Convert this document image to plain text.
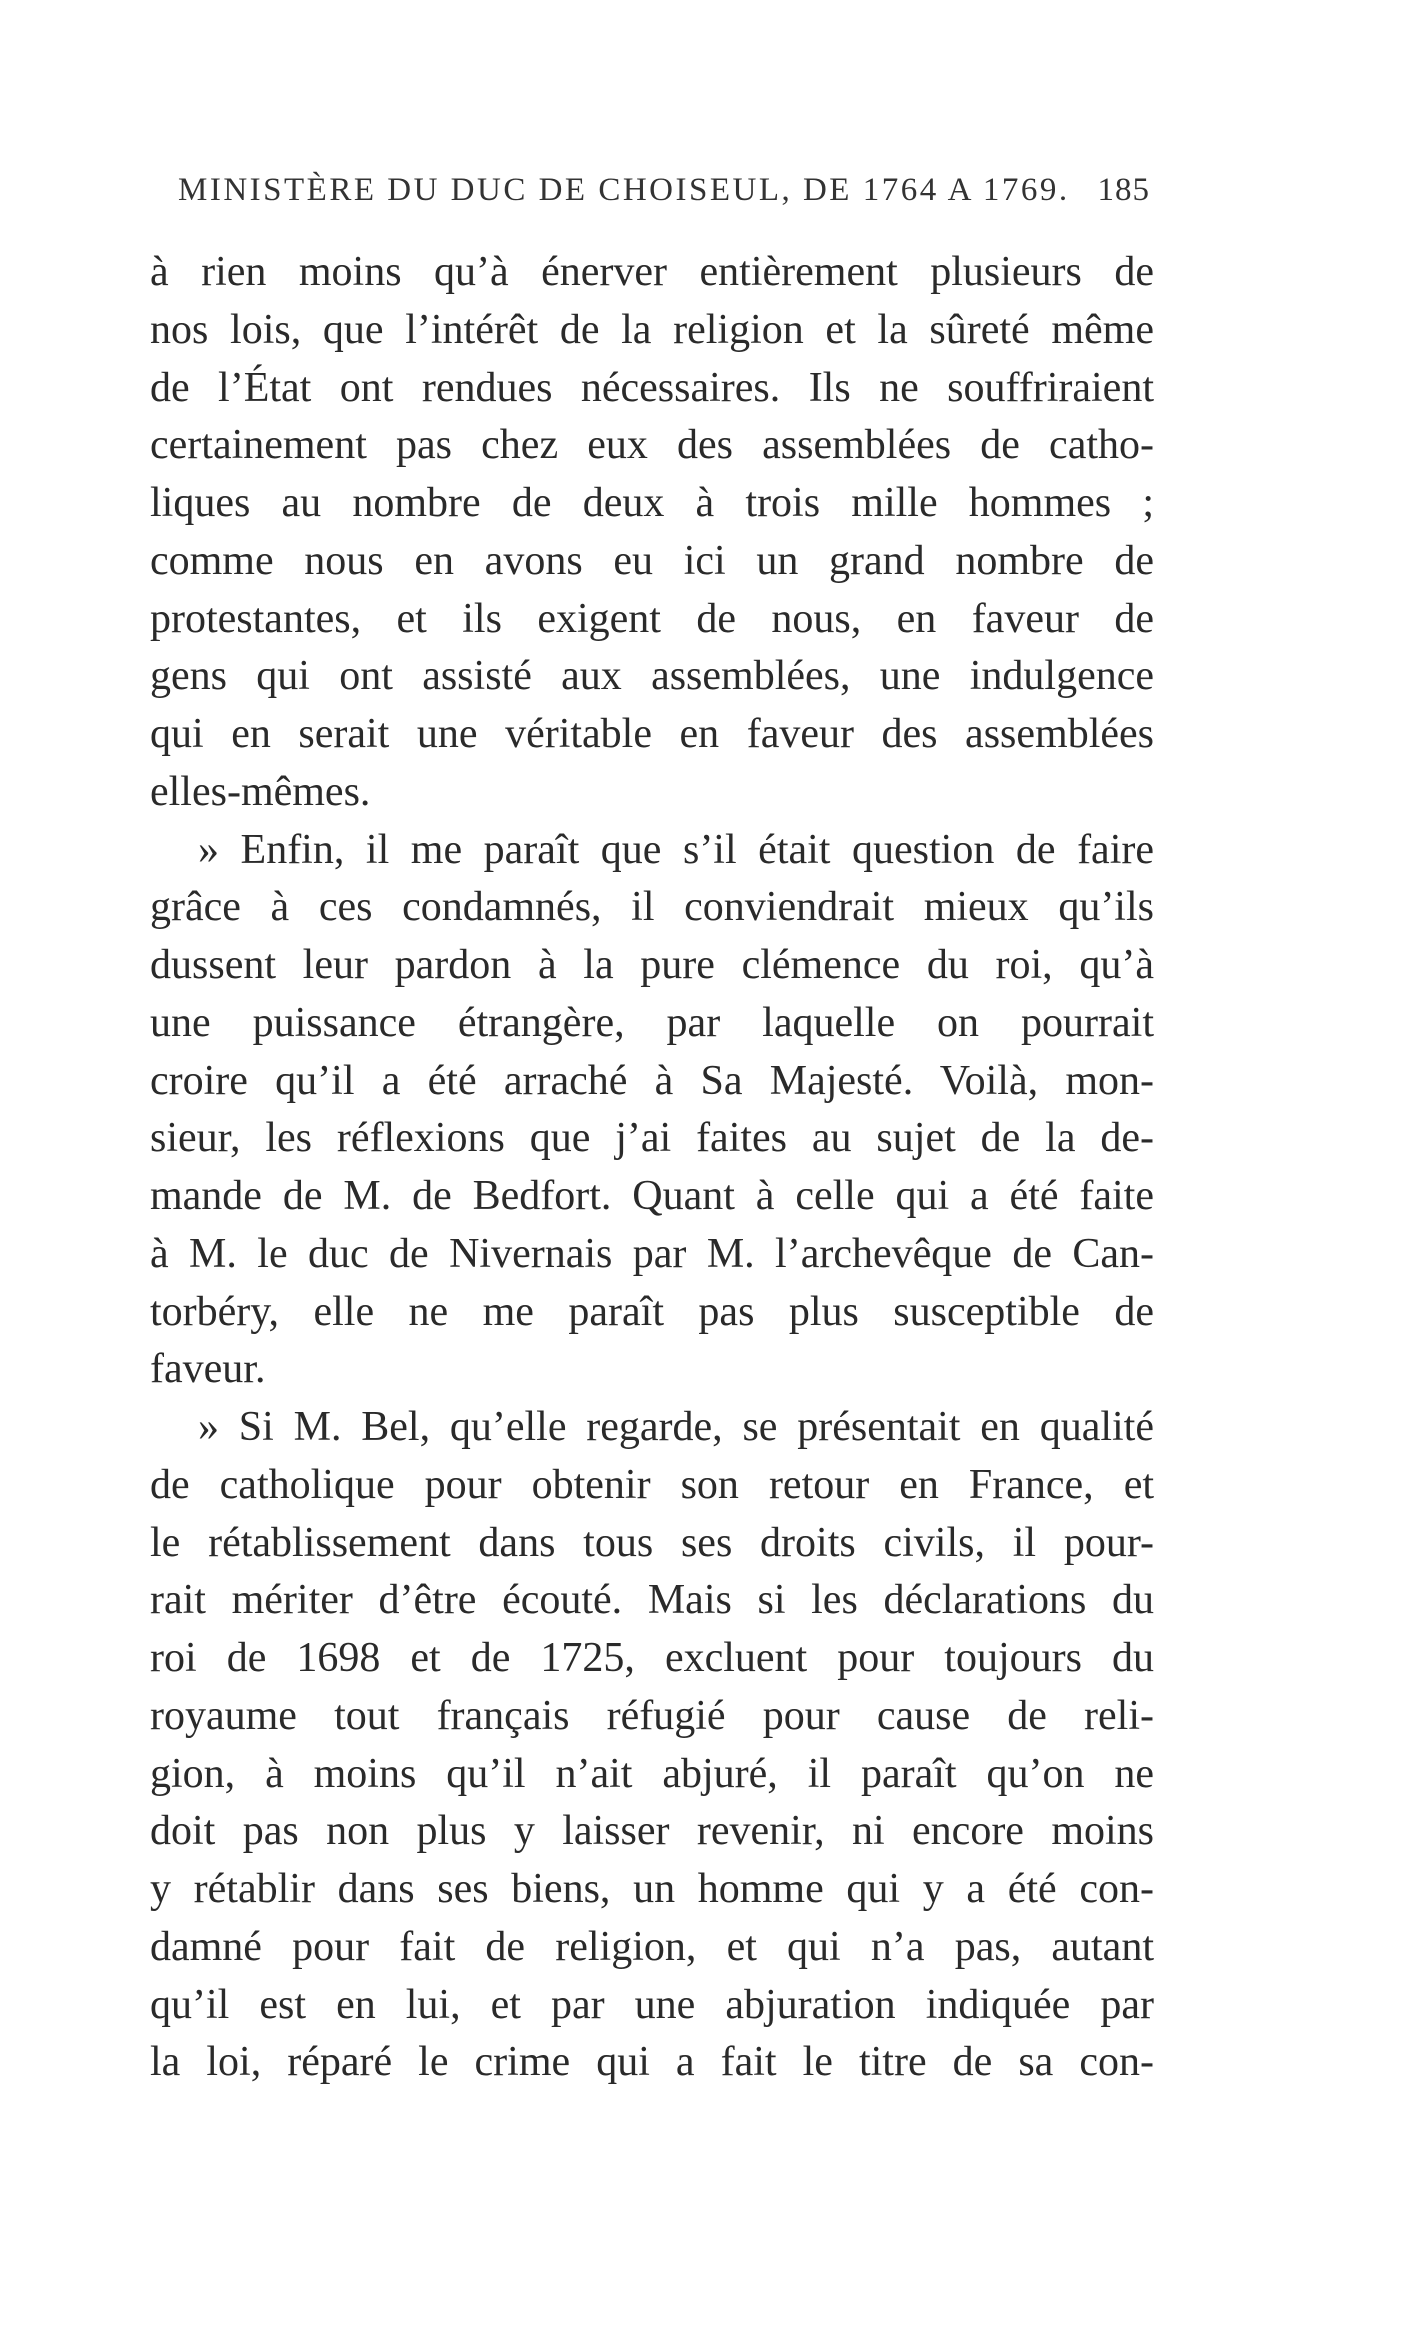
MINISTÈRE DU DUC DE CHOISEUL, DE 1764 A 1769. 185
à rien moins qu’à énerver entièrement plusieurs de
nos lois, que l’intérêt de la religion et la sûreté même
de l’État ont rendues nécessaires. Ils ne souffriraient
certainement pas chez eux des assemblées de catho-
liques au nombre de deux à trois mille hommes ;
comme nous en avons eu ici un grand nombre de
protestantes, et ils exigent de nous, en faveur de
gens qui ont assisté aux assemblées, une indulgence
qui en serait une véritable en faveur des assemblées
elles-mêmes.
» Enfin, il me paraît que s’il était question de faire
grâce à ces condamnés, il conviendrait mieux qu’ils
dussent leur pardon à la pure clémence du roi, qu’à
une puissance étrangère, par laquelle on pourrait
croire qu’il a été arraché à Sa Majesté. Voilà, mon-
sieur, les réflexions que j’ai faites au sujet de la de-
mande de M. de Bedfort. Quant à celle qui a été faite
à M. le duc de Nivernais par M. l’archevêque de Can-
torbéry, elle ne me paraît pas plus susceptible de
faveur.
» Si M. Bel, qu’elle regarde, se présentait en qualité
de catholique pour obtenir son retour en France, et
le rétablissement dans tous ses droits civils, il pour-
rait mériter d’être écouté. Mais si les déclarations du
roi de 1698 et de 1725, excluent pour toujours du
royaume tout français réfugié pour cause de reli-
gion, à moins qu’il n’ait abjuré, il paraît qu’on ne
doit pas non plus y laisser revenir, ni encore moins
y rétablir dans ses biens, un homme qui y a été con-
damné pour fait de religion, et qui n’a pas, autant
qu’il est en lui, et par une abjuration indiquée par
la loi, réparé le crime qui a fait le titre de sa con-
